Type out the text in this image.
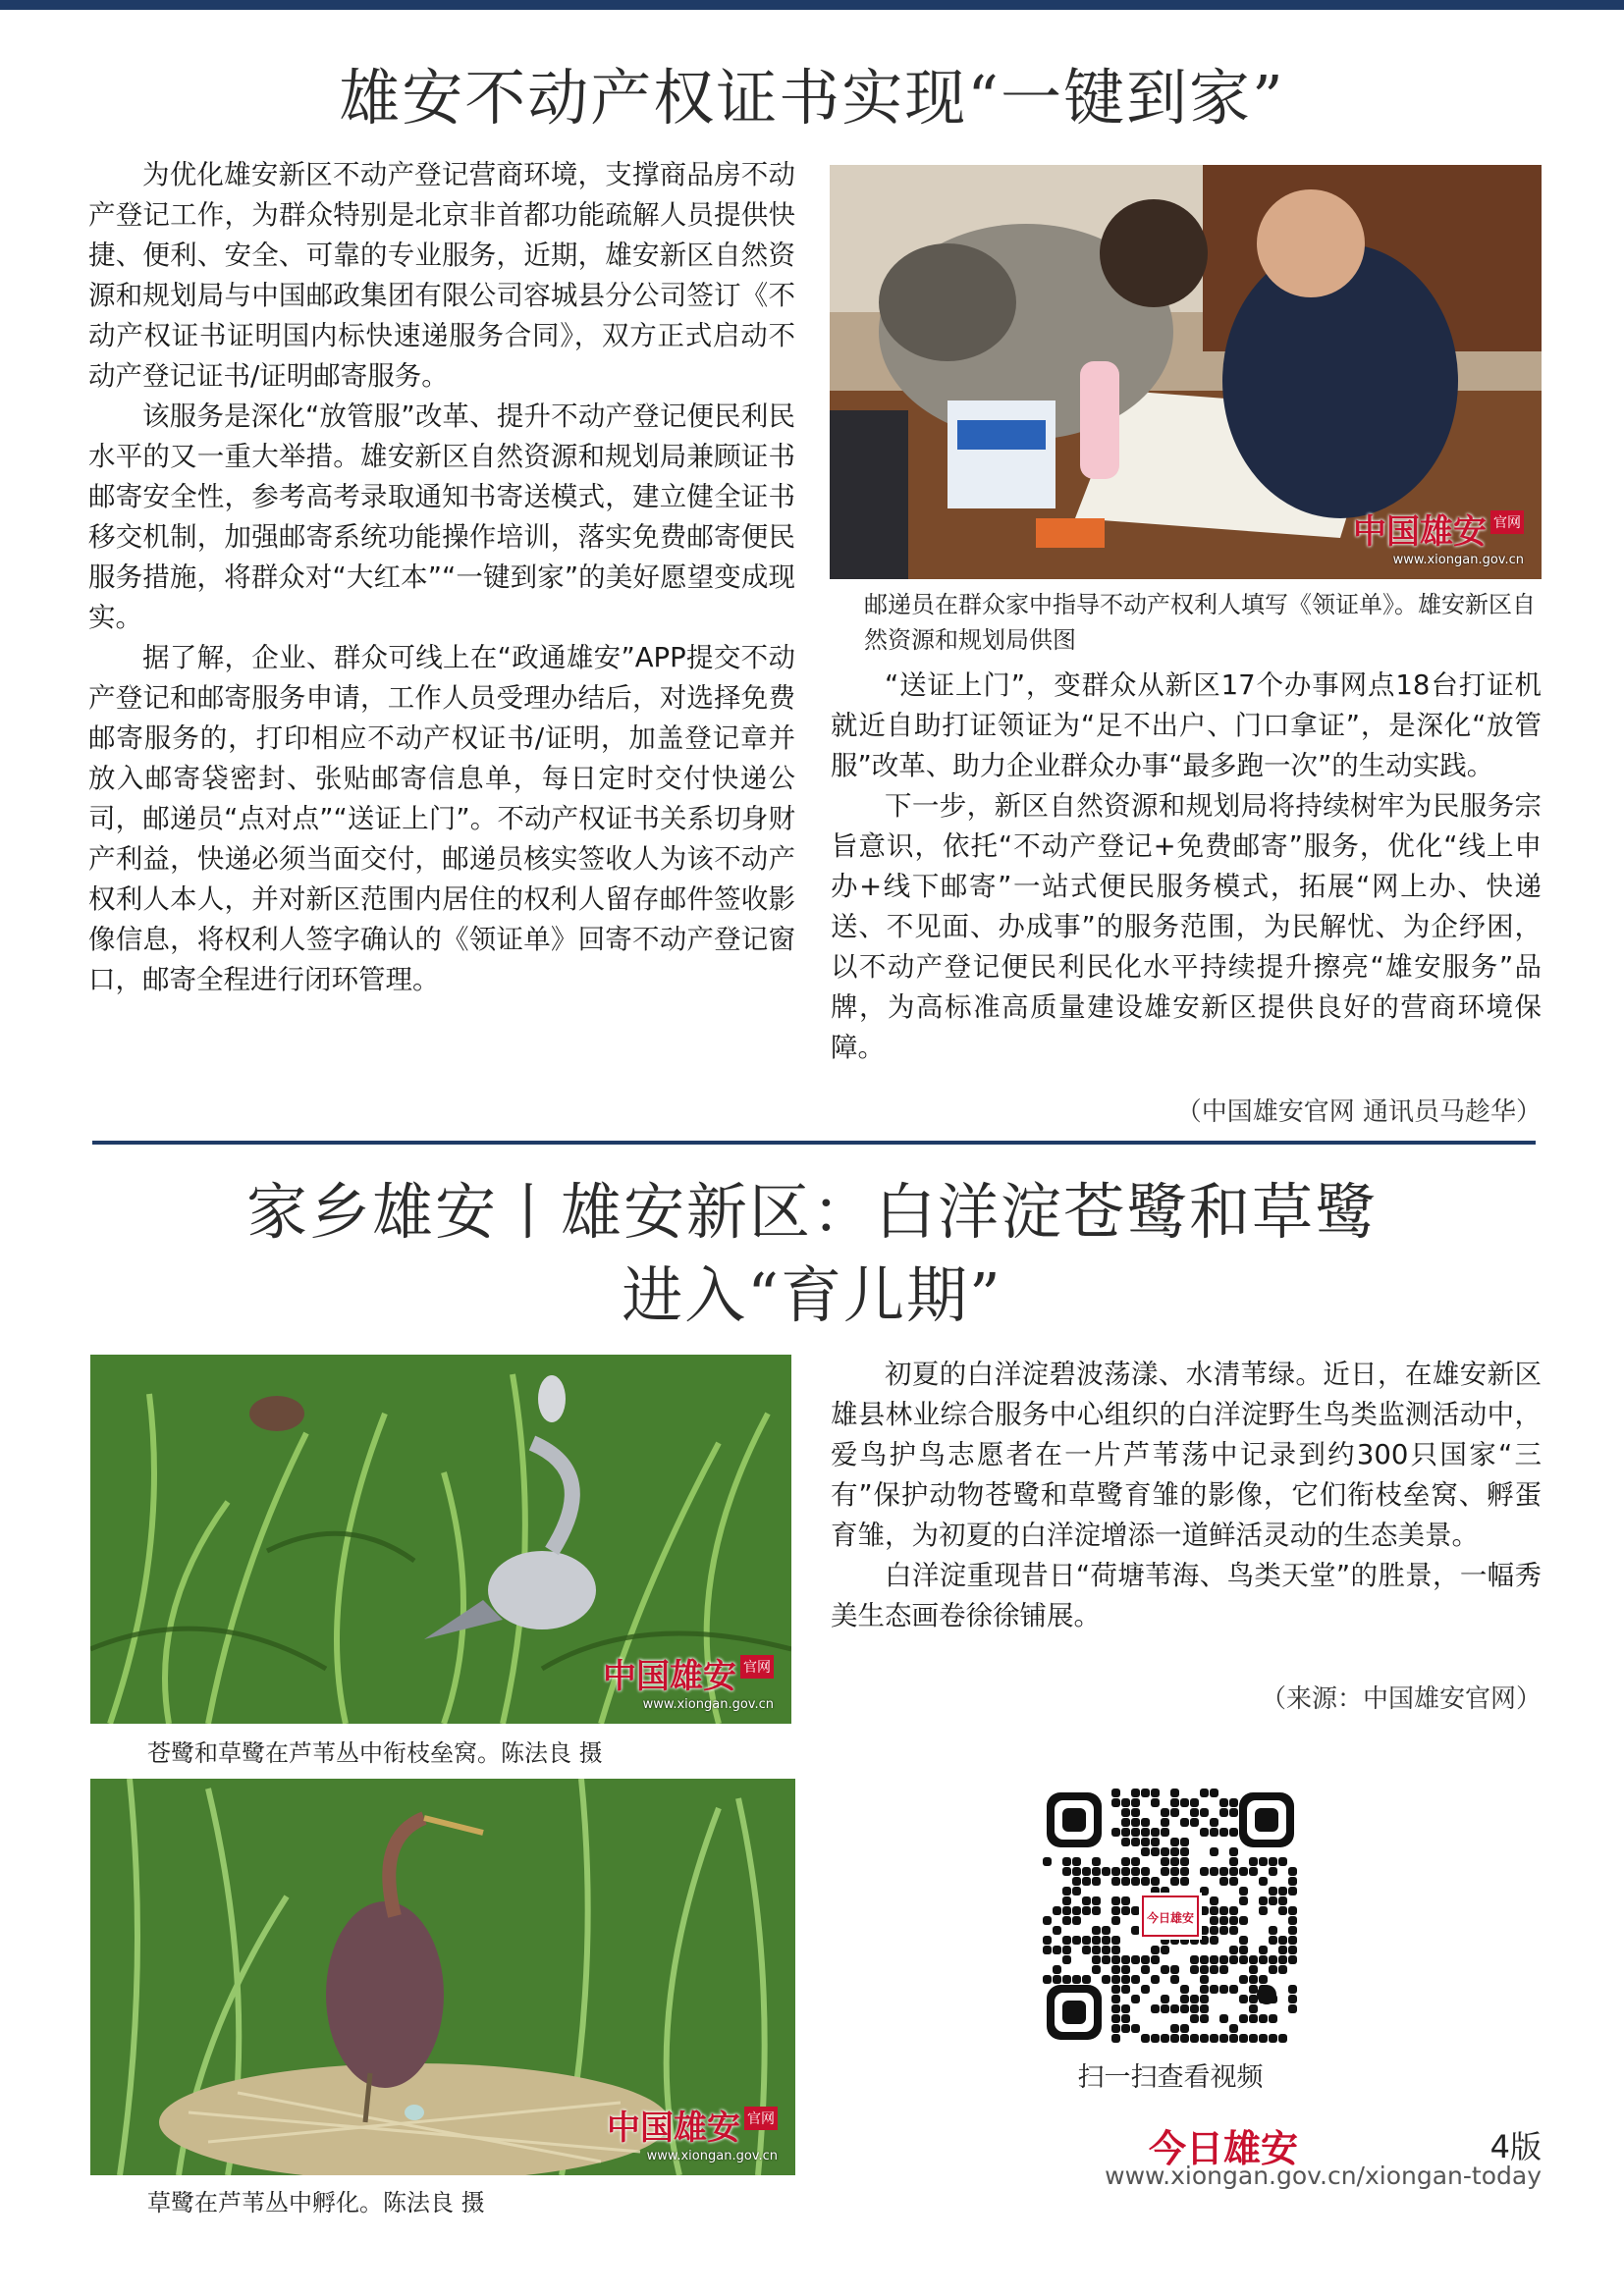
雄安不动产权证书实现“一键到家”

为优化雄安新区不动产登记营商环境，支撑商品房不动产登记工作，为群众特别是北京非首都功能疏解人员提供快捷、便利、安全、可靠的专业服务，近期，雄安新区自然资源和规划局与中国邮政集团有限公司容城县分公司签订《不动产权证书证明国内标快速递服务合同》，双方正式启动不动产登记证书/证明邮寄服务。

该服务是深化“放管服”改革、提升不动产登记便民利民水平的又一重大举措。雄安新区自然资源和规划局兼顾证书邮寄安全性，参考高考录取通知书寄送模式，建立健全证书移交机制，加强邮寄系统功能操作培训，落实免费邮寄便民服务措施，将群众对“大红本”“一键到家”的美好愿望变成现实。

据了解，企业、群众可线上在“政通雄安”APP提交不动产登记和邮寄服务申请，工作人员受理办结后，对选择免费邮寄服务的，打印相应不动产权证书/证明，加盖登记章并放入邮寄袋密封、张贴邮寄信息单，每日定时交付快递公司，邮递员“点对点”“送证上门”。不动产权证书关系切身财产利益，快递必须当面交付，邮递员核实签收人为该不动产权利人本人，并对新区范围内居住的权利人留存邮件签收影像信息，将权利人签字确认的《领证单》回寄不动产登记窗口，邮寄全程进行闭环管理。

中国雄安 官网
www.xiongan.gov.cn
邮递员在群众家中指导不动产权利人填写《领证单》。雄安新区自然资源和规划局供图

“送证上门”，变群众从新区17个办事网点18台打证机就近自助打证领证为“足不出户、门口拿证”，是深化“放管服”改革、助力企业群众办事“最多跑一次”的生动实践。

下一步，新区自然资源和规划局将持续树牢为民服务宗旨意识，依托“不动产登记+免费邮寄”服务，优化“线上申办+线下邮寄”一站式便民服务模式，拓展“网上办、快递送、不见面、办成事”的服务范围，为民解忧、为企纾困，以不动产登记便民利民化水平持续提升擦亮“雄安服务”品牌，为高标准高质量建设雄安新区提供良好的营商环境保障。

（中国雄安官网 通讯员马趁华）
家乡雄安丨雄安新区：白洋淀苍鹭和草鹭
进入“育儿期”
中国雄安 官网
www.xiongan.gov.cn
苍鹭和草鹭在芦苇丛中衔枝垒窝。陈法良 摄
中国雄安 官网
www.xiongan.gov.cn
草鹭在芦苇丛中孵化。陈法良 摄

初夏的白洋淀碧波荡漾、水清苇绿。近日，在雄安新区雄县林业综合服务中心组织的白洋淀野生鸟类监测活动中，爱鸟护鸟志愿者在一片芦苇荡中记录到约300只国家“三有”保护动物苍鹭和草鹭育雏的影像，它们衔枝垒窝、孵蛋育雏，为初夏的白洋淀增添一道鲜活灵动的生态美景。

白洋淀重现昔日“荷塘苇海、鸟类天堂”的胜景，一幅秀美生态画卷徐徐铺展。

（来源：中国雄安官网）
今日雄安
扫一扫查看视频
今日雄安	4版
www.xiongan.gov.cn/xiongan-today
